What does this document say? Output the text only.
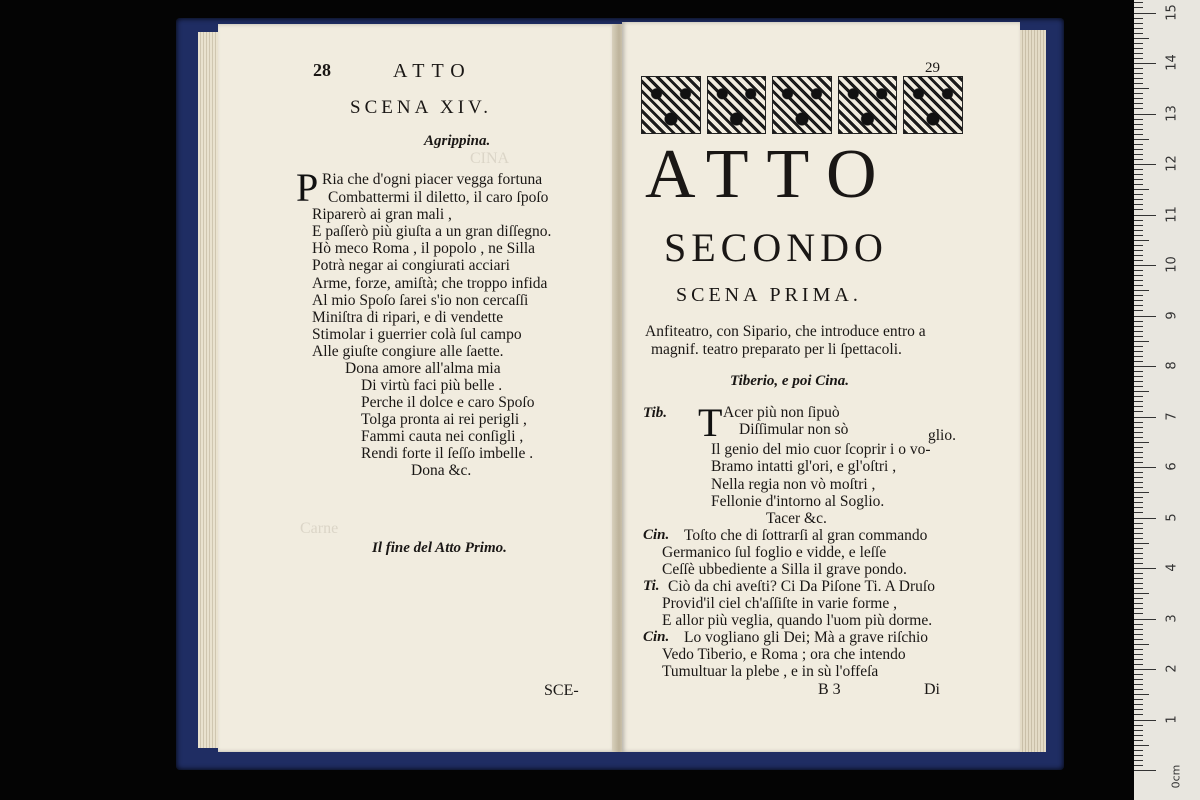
CINA
Carne
28	ATTO
SCENA XIV.
Agrippina.
P Ria che d'ogni piacer vegga fortuna
Combattermi il diletto, il caro ſpoſo
Riparerò ai gran mali ,
E paſſerò più giuſta a un gran diſſegno.
Hò meco Roma , il popolo , ne Silla
Potrà negar ai congiurati acciari
Arme, forze, amiſtà; che troppo infida
Al mio Spoſo ſarei s'io non cercaſſi
Miniſtra di ripari, e di vendette
Stimolar i guerrier colà ſul campo
Alle giuſte congiure alle ſaette.
Dona amore all'alma mia
Di virtù faci più belle .
Perche il dolce e caro Spoſo
Tolga pronta ai rei perigli ,
Fammi cauta nei conſigli ,
Rendi forte il ſeſſo imbelle .
Dona &c.
Il fine del Atto Primo.
SCE-
29
ATTO
SECONDO
SCENA PRIMA.
Anfiteatro, con Sipario, che introduce entro a
magnif. teatro preparato per li ſpettacoli.
Tiberio, e poi Cina.
Tib. T Acer più non ſipuò
Diſſimular non sò	glio.
Il genio del mio cuor ſcoprir i o vo-
Bramo intatti gl'ori, e gl'oſtri ,
Nella regia non vò moſtri ,
Fellonie d'intorno al Soglio.
Tacer &c.
Cin. Toſto che di ſottrarſi al gran commando
Germanico ſul foglio e vidde, e leſſe
Ceſſè ubbediente a Silla il grave pondo.
Ti. Ciò da chi aveſti? Ci Da Piſone Ti. A Druſo
Provid'il ciel ch'aſſiſte in varie forme ,
E allor più veglia, quando l'uom più dorme.
Cin. Lo vogliano gli Dei; Mà a grave riſchio
Vedo Tiberio, e Roma ; ora che intendo
Tumultuar la plebe , e in sù l'offeſa
B 3	Di
0cm
1
2
3
4
5
6
7
8
9
10
11
12
13
14
15
